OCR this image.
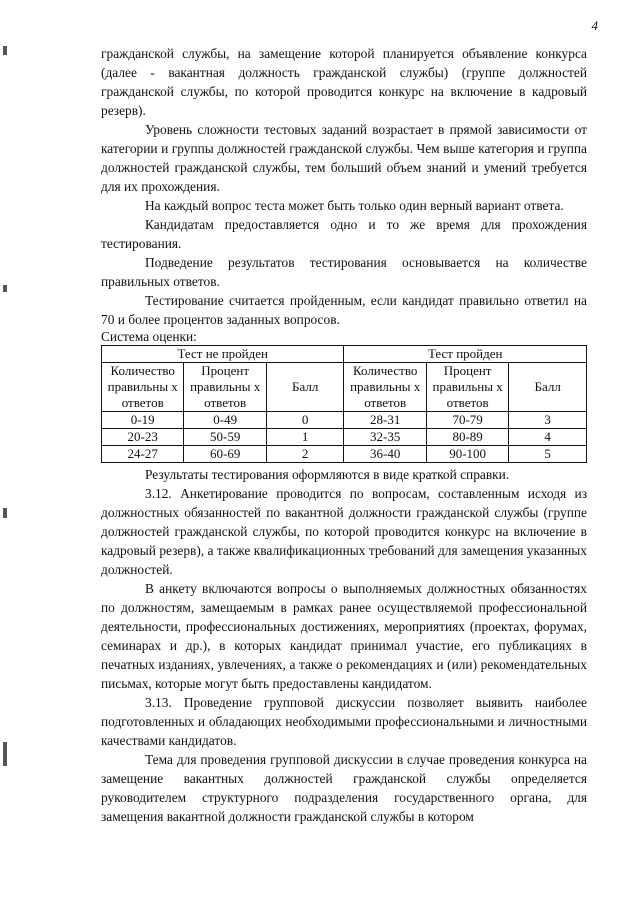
4

гражданской службы, на замещение которой планируется объявление конкурса (далее - вакантная должность гражданской службы) (группе должностей гражданской службы, по которой проводится конкурс на включение в кадровый резерв).

Уровень сложности тестовых заданий возрастает в прямой зависимости от категории и группы должностей гражданской службы. Чем выше категория и группа должностей гражданской службы, тем больший объем знаний и умений требуется для их прохождения.

На каждый вопрос теста может быть только один верный вариант ответа.

Кандидатам предоставляется одно и то же время для прохождения тестирования.

Подведение результатов тестирования основывается на количестве правильных ответов.

Тестирование считается пройденным, если кандидат правильно ответил на 70 и более процентов заданных вопросов.

Система оценки:

Тест не пройден			Тест пройден		
Количество правильны х ответов	Процент правильны х ответов	Балл	Количество правильны х ответов	Процент правильны х ответов	Балл
0-19	0-49	0	28-31	70-79	3
20-23	50-59	1	32-35	80-89	4
24-27	60-69	2	36-40	90-100	5

Результаты тестирования оформляются в виде краткой справки.

3.12. Анкетирование проводится по вопросам, составленным исходя из должностных обязанностей по вакантной должности гражданской службы (группе должностей гражданской службы, по которой проводится конкурс на включение в кадровый резерв), а также квалификационных требований для замещения указанных должностей.

В анкету включаются вопросы о выполняемых должностных обязанностях по должностям, замещаемым в рамках ранее осуществляемой профессиональной деятельности, профессиональных достижениях, мероприятиях (проектах, форумах, семинарах и др.), в которых кандидат принимал участие, его публикациях в печатных изданиях, увлечениях, а также о рекомендациях и (или) рекомендательных письмах, которые могут быть предоставлены кандидатом.

3.13. Проведение групповой дискуссии позволяет выявить наиболее подготовленных и обладающих необходимыми профессиональными и личностными качествами кандидатов.

Тема для проведения групповой дискуссии в случае проведения конкурса на замещение вакантных должностей гражданской службы определяется руководителем структурного подразделения государственного органа, для замещения вакантной должности гражданской службы в котором
